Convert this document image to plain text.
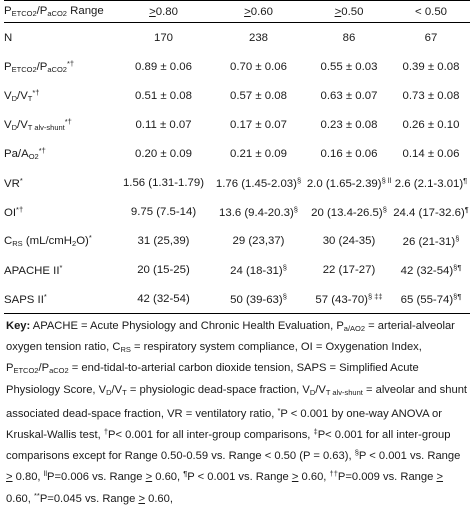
$P_{ETCO2}/P_{aCO2}$ Range	>0.80	>0.60	>0.50	< 0.50
N	170	238	86	67
$P_{ETCO2}/P_{aCO2}^{*\dagger}$	0.89 ± 0.06	0.70 ± 0.06	0.55 ± 0.03	0.39 ± 0.08
$V_D/V_T^{*\dagger}$	0.51 ± 0.08	0.57 ± 0.08	0.63 ± 0.07	0.73 ± 0.08
$V_D/V_{T alv-shunt}^{*\dagger}$	0.11 ± 0.07	0.17 ± 0.07	0.23 ± 0.08	0.26 ± 0.10
$Pa/A_{O2}^{*\dagger}$	0.20 ± 0.09	0.21 ± 0.09	0.16 ± 0.06	0.14 ± 0.06
VR*	1.56 (1.31-1.79)	1.76 (1.45-2.03)§	2.0 $(1.65-2.39)^{\S ll}$	2.6 (2.1-3.01)¶
OI*†	9.75 (7.5-14)	13.6 (9.4-20.3)§	20 (13.4-26.5)§	24.4 (17-32.6)¶
$C_{RS}$ (mL/cmH$_2$O)*	31 (25,39)	29 (23,37)	30 (24-35)	26 (21-31)§
APACHE II*	20 (15-25)	24 (18-31)§	22 (17-27)	42 (32-54)§¶
SAPS II*	42 (32-54)	50 (39-63)§	57 (43-70)§ ‡‡	65 (55-74)§¶
Key: APACHE = Acute Physiology and Chronic Health Evaluation, $P_{a/AO2}$ = arterial-alveolar oxygen tension ratio, $C_{RS}$ = respiratory system compliance, OI = Oxygenation Index, $P_{ETCO2}/P_{aCO2}$ = end-tidal-to-arterial carbon dioxide tension, SAPS = Simplified Acute Physiology Score, $V_D/V_T$ = physiologic dead-space fraction, $V_D/V_{T alv-shunt}$ = alveolar and shunt associated dead-space fraction, VR = ventilatory ratio, *P < 0.001 by one-way ANOVA or Kruskal-Wallis test, †P< 0.001 for all inter-group comparisons, ‡P< 0.001 for all inter-group comparisons except for Range 0.50-0.59 vs. Range < 0.50 (P = 0.63), §P < 0.001 vs. Range > 0.80, $^{ll}$P=0.006 vs. Range > 0.60, ¶P < 0.001 vs. Range > 0.60, ††P=0.009 vs. Range > 0.60, **P=0.045 vs. Range > 0.60,
